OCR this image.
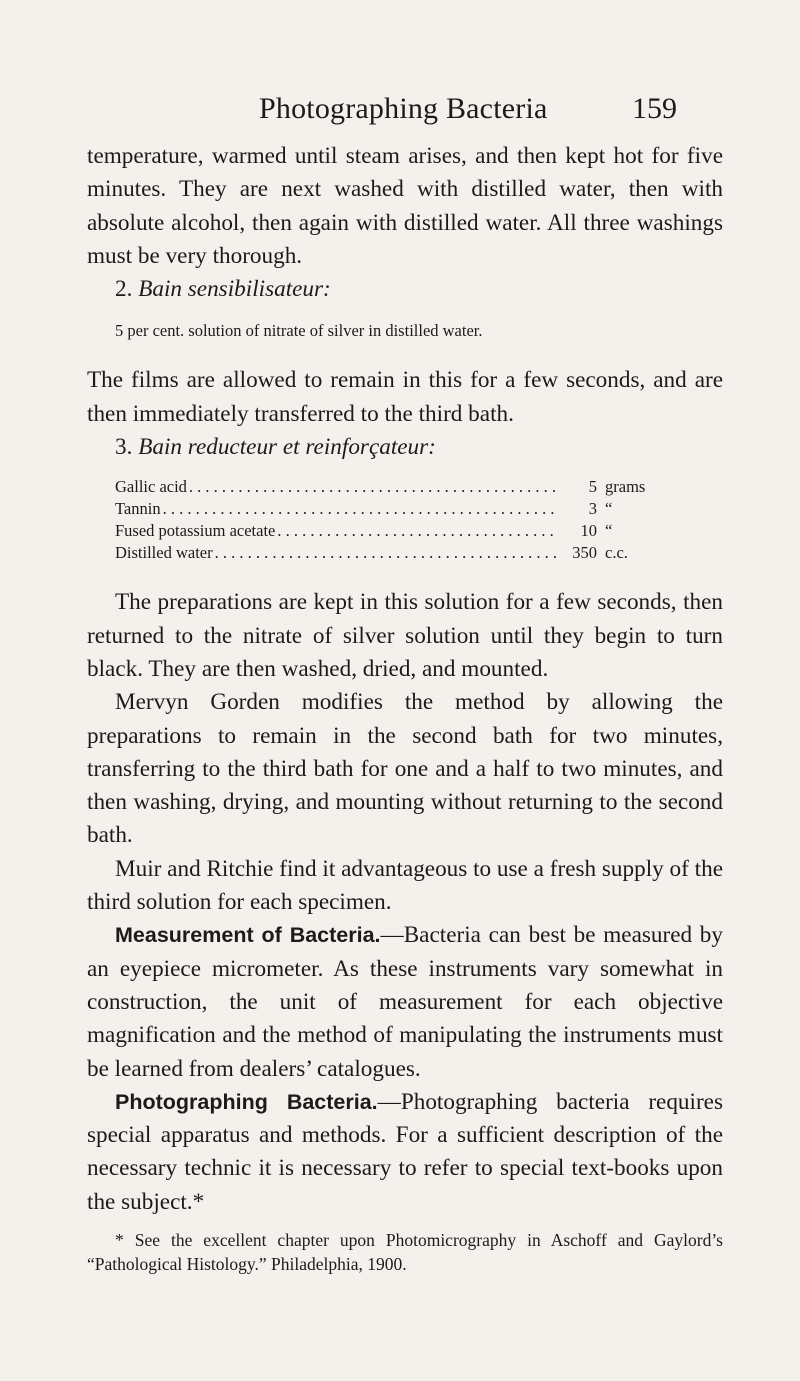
Photographing Bacteria	159

temperature, warmed until steam arises, and then kept hot for five minutes. They are next washed with distilled water, then with absolute alcohol, then again with distilled water. All three washings must be very thorough.

2. Bain sensibilisateur:

5 per cent. solution of nitrate of silver in distilled water.

The films are allowed to remain in this for a few seconds, and are then immediately transferred to the third bath.

3. Bain reducteur et reinforçateur:

Gallic acid . . .	5 grams
Tannin . . .	3 “
Fused potassium acetate . . .	10 “
Distilled water . . .	350 c.c.

The preparations are kept in this solution for a few seconds, then returned to the nitrate of silver solution until they begin to turn black. They are then washed, dried, and mounted.

Mervyn Gorden modifies the method by allowing the preparations to remain in the second bath for two minutes, transferring to the third bath for one and a half to two minutes, and then washing, drying, and mounting without returning to the second bath.

Muir and Ritchie find it advantageous to use a fresh supply of the third solution for each specimen.

Measurement of Bacteria.—Bacteria can best be measured by an eyepiece micrometer. As these instruments vary somewhat in construction, the unit of measurement for each objective magnification and the method of manipulating the instruments must be learned from dealers’ catalogues.

Photographing Bacteria.—Photographing bacteria requires special apparatus and methods. For a sufficient description of the necessary technic it is necessary to refer to special text-books upon the subject.*

* See the excellent chapter upon Photomicrography in Aschoff and Gaylord’s “Pathological Histology.” Philadelphia, 1900.
